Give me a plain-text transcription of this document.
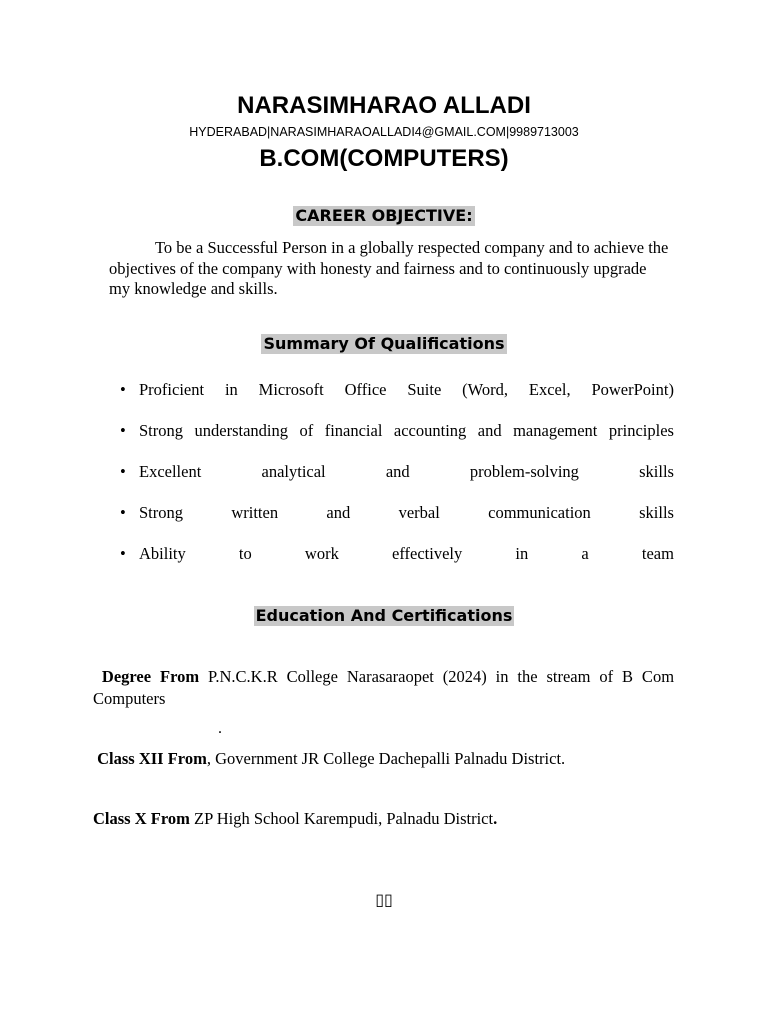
NARASIMHARAO ALLADI
HYDERABAD|NARASIMHARAOALLADI4@GMAIL.COM|9989713003
B.COM(COMPUTERS)
CAREER OBJECTIVE:
To be a Successful Person in a globally respected company and to achieve the objectives of the company with honesty and fairness and to continuously upgrade my knowledge and skills.
Summary Of Qualifications
• Proficient in Microsoft Office Suite (Word, Excel, PowerPoint)
• Strong understanding of financial accounting and management principles
• Excellent	analytical	and	problem-solving	skills
• Strong	written	and	verbal	communication	skills
• Ability	to	work	effectively	in	a	team
Education And Certifications
Degree From P.N.C.K.R College Narasaraopet (2024) in the stream of B Com Computers
.
Class XII From, Government JR College Dachepalli Palnadu District.
Class X From ZP High School Karempudi, Palnadu District.
▯▯
